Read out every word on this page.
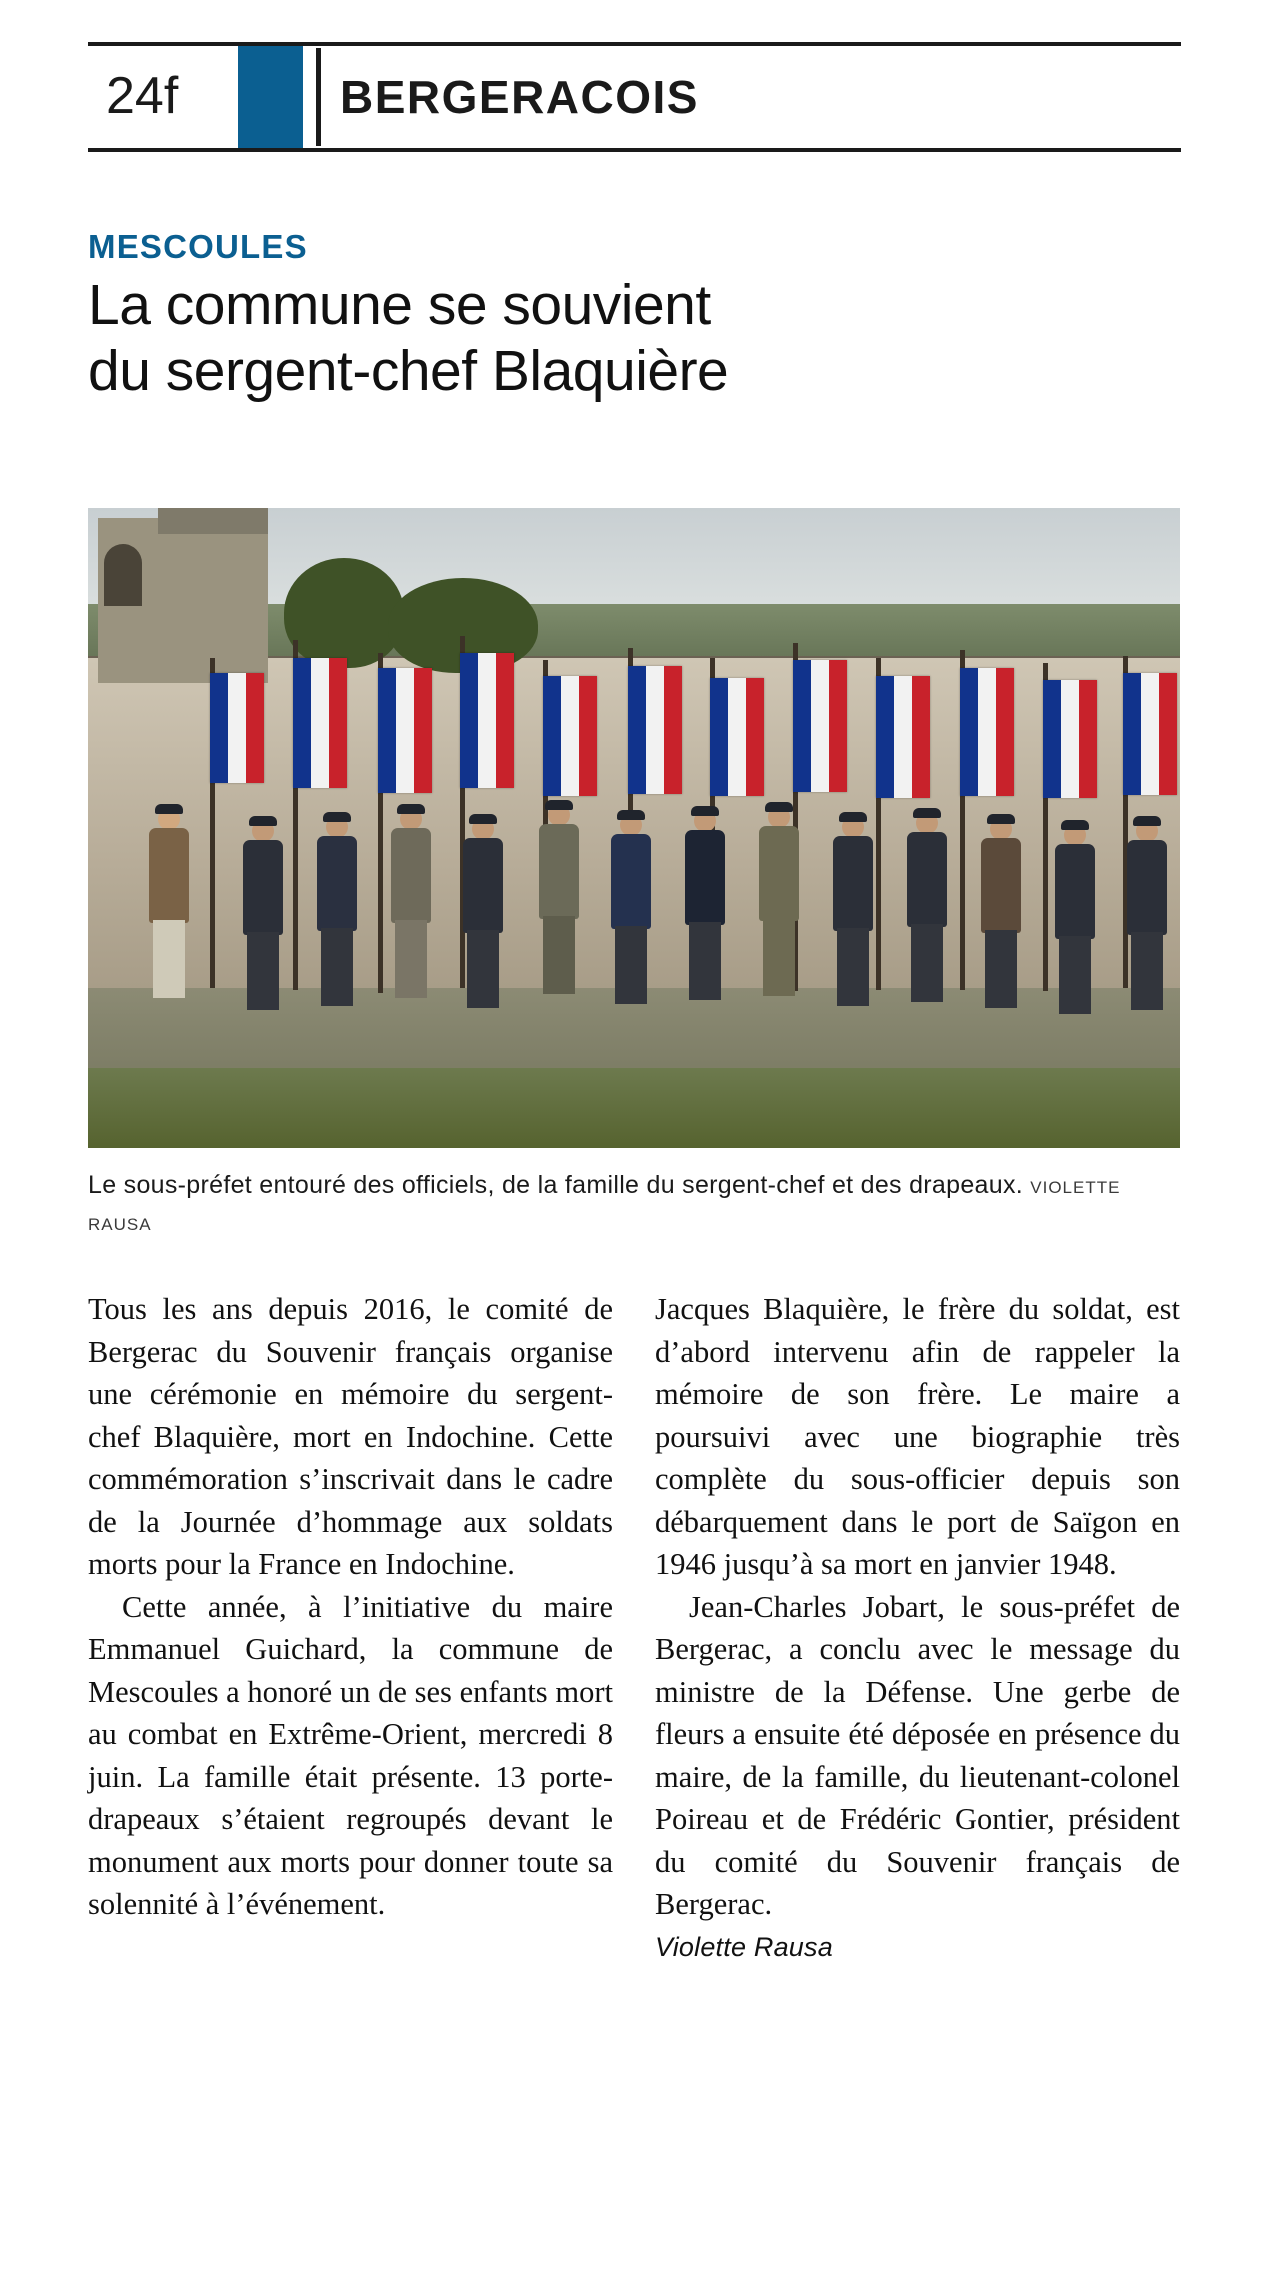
24f	BERGERACOIS
MESCOULES
La commune se souvient
du sergent-chef Blaquière
Le sous-préfet entouré des officiels, de la famille du sergent-chef et des drapeaux. VIOLETTE RAUSA

Tous les ans depuis 2016, le comité de Bergerac du Souvenir français organise une cérémonie en mémoire du sergent-chef Blaquière, mort en Indochine. Cette commémoration s’inscrivait dans le cadre de la Journée d’hommage aux soldats morts pour la France en Indochine.

Cette année, à l’initiative du maire Emmanuel Guichard, la commune de Mescoules a honoré un de ses enfants mort au combat en Extrême-Orient, mercredi 8 juin. La famille était présente. 13 porte-drapeaux s’étaient regroupés devant le monument aux morts pour donner toute sa solennité à l’événement.

Jacques Blaquière, le frère du soldat, est d’abord intervenu afin de rappeler la mémoire de son frère. Le maire a poursuivi avec une biographie très complète du sous-officier depuis son débarquement dans le port de Saïgon en 1946 jusqu’à sa mort en janvier 1948.

Jean-Charles Jobart, le sous-préfet de Bergerac, a conclu avec le message du ministre de la Défense. Une gerbe de fleurs a ensuite été déposée en présence du maire, de la famille, du lieutenant-colonel Poireau et de Frédéric Gontier, président du comité du Souvenir français de Bergerac.

Violette Rausa
